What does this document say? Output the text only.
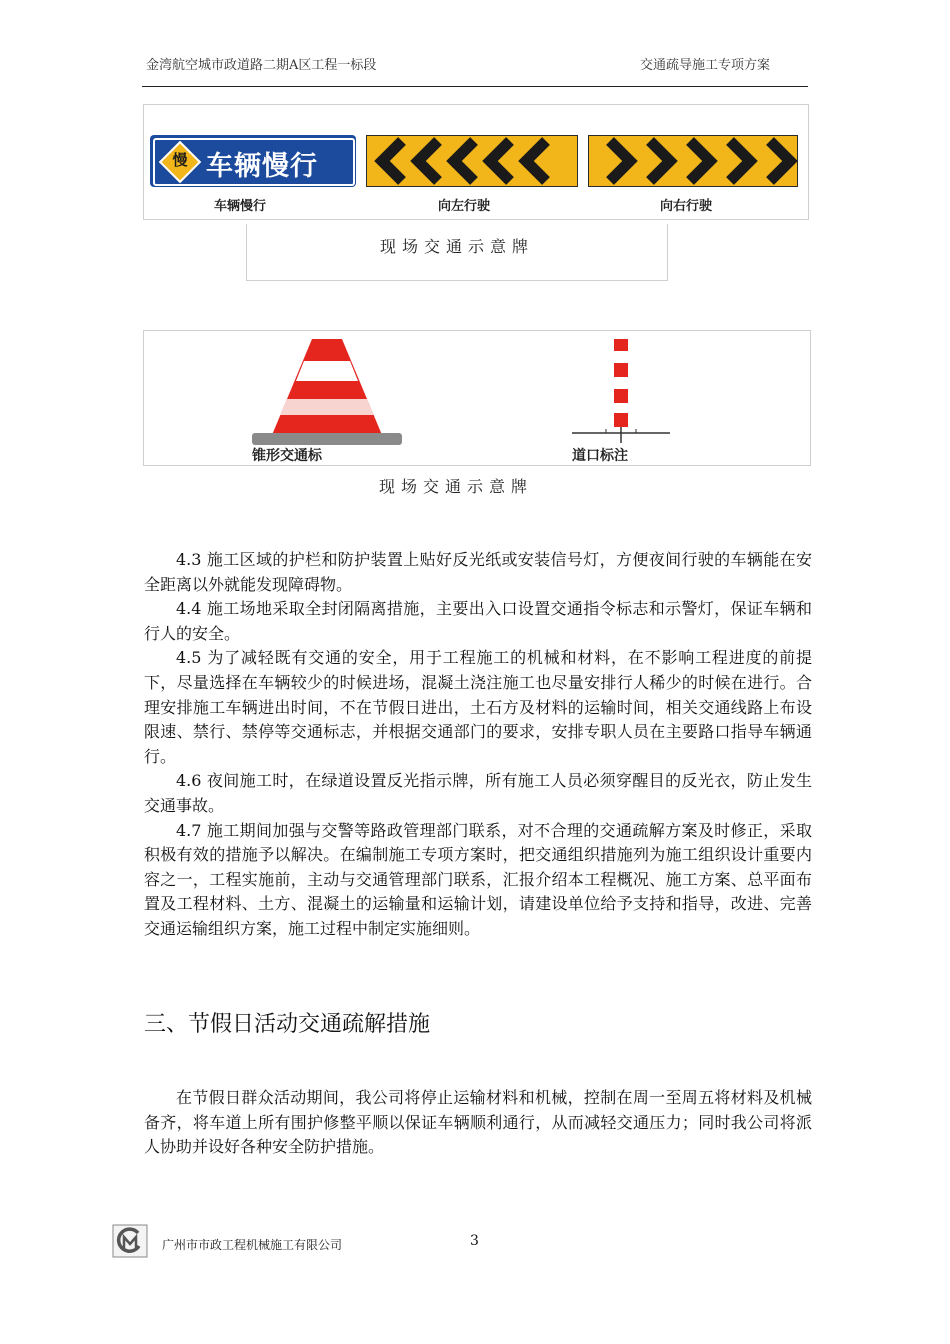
金湾航空城市政道路二期A区工程一标段	交通疏导施工专项方案
慢 车辆慢行
车辆慢行	向左行驶	向右行驶
现场交通示意牌
锥形交通标	道口标注
现场交通示意牌

4.3 施工区域的护栏和防护装置上贴好反光纸或安装信号灯，方便夜间行驶的车辆能在安全距离以外就能发现障碍物。

4.4 施工场地采取全封闭隔离措施，主要出入口设置交通指令标志和示警灯，保证车辆和行人的安全。

4.5 为了减轻既有交通的安全，用于工程施工的机械和材料，在不影响工程进度的前提下，尽量选择在车辆较少的时候进场，混凝土浇注施工也尽量安排行人稀少的时候在进行。合理安排施工车辆进出时间，不在节假日进出，土石方及材料的运输时间，相关交通线路上布设限速、禁行、禁停等交通标志，并根据交通部门的要求，安排专职人员在主要路口指导车辆通行。

4.6 夜间施工时，在绿道设置反光指示牌，所有施工人员必须穿醒目的反光衣，防止发生交通事故。

4.7 施工期间加强与交警等路政管理部门联系，对不合理的交通疏解方案及时修正，采取积极有效的措施予以解决。在编制施工专项方案时，把交通组织措施列为施工组织设计重要内容之一，工程实施前，主动与交通管理部门联系，汇报介绍本工程概况、施工方案、总平面布置及工程材料、土方、混凝土的运输量和运输计划，请建设单位给予支持和指导，改进、完善交通运输组织方案，施工过程中制定实施细则。

三、节假日活动交通疏解措施

在节假日群众活动期间，我公司将停止运输材料和机械，控制在周一至周五将材料及机械备齐，将车道上所有围护修整平顺以保证车辆顺利通行，从而减轻交通压力；同时我公司将派人协助并设好各种安全防护措施。

广州市市政工程机械施工有限公司	3
